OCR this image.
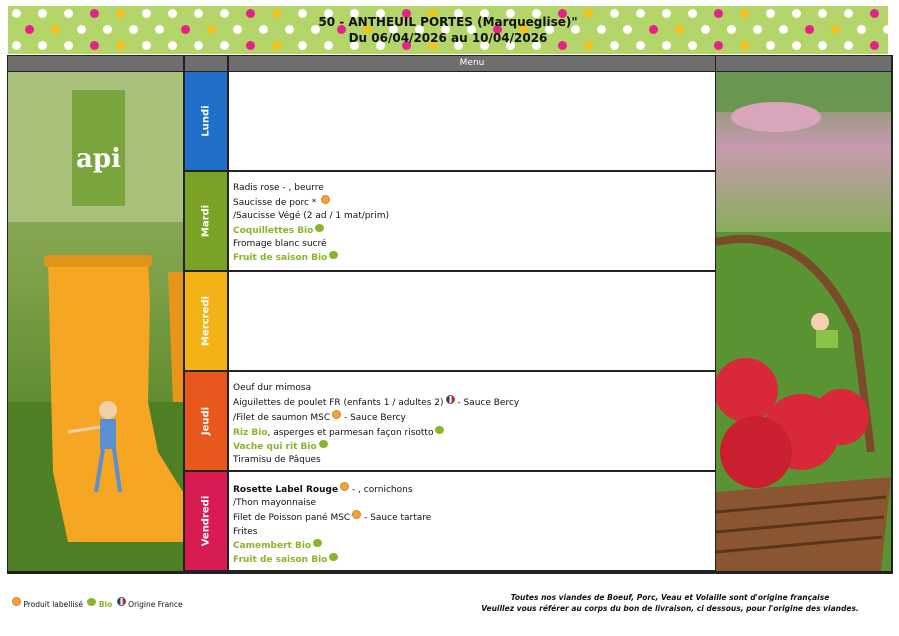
50 - ANTHEUIL PORTES (Marqueglise)"
Du 06/04/2026 au 10/04/2026
Menu
api
Lundi
Mardi
Radis rose - , beurre
Saucisse de porc *
/Saucisse Végé (2 ad / 1 mat/prim)
Coquillettes Bio
Fromage blanc sucré
Fruit de saison Bio
Mercredi
Jeudi
Oeuf dur mimosa
Aiguilettes de poulet FR (enfants 1 / adultes 2) - Sauce Bercy
/Filet de saumon MSC - Sauce Bercy
Riz Bio, asperges et parmesan façon risotto
Vache qui rit Bio
Tiramisu de Pâques
Vendredi
Rosette Label Rouge - , cornichons
/Thon mayonnaise
Filet de Poisson pané MSC - Sauce tartare
Frites
Camembert Bio
Fruit de saison Bio
Produit labellisé Bio Origine France
Toutes nos viandes de Boeuf, Porc, Veau et Volaille sont d'origine française
Veuillez vous référer au corps du bon de livraison, ci dessous, pour l'origine des viandes.
